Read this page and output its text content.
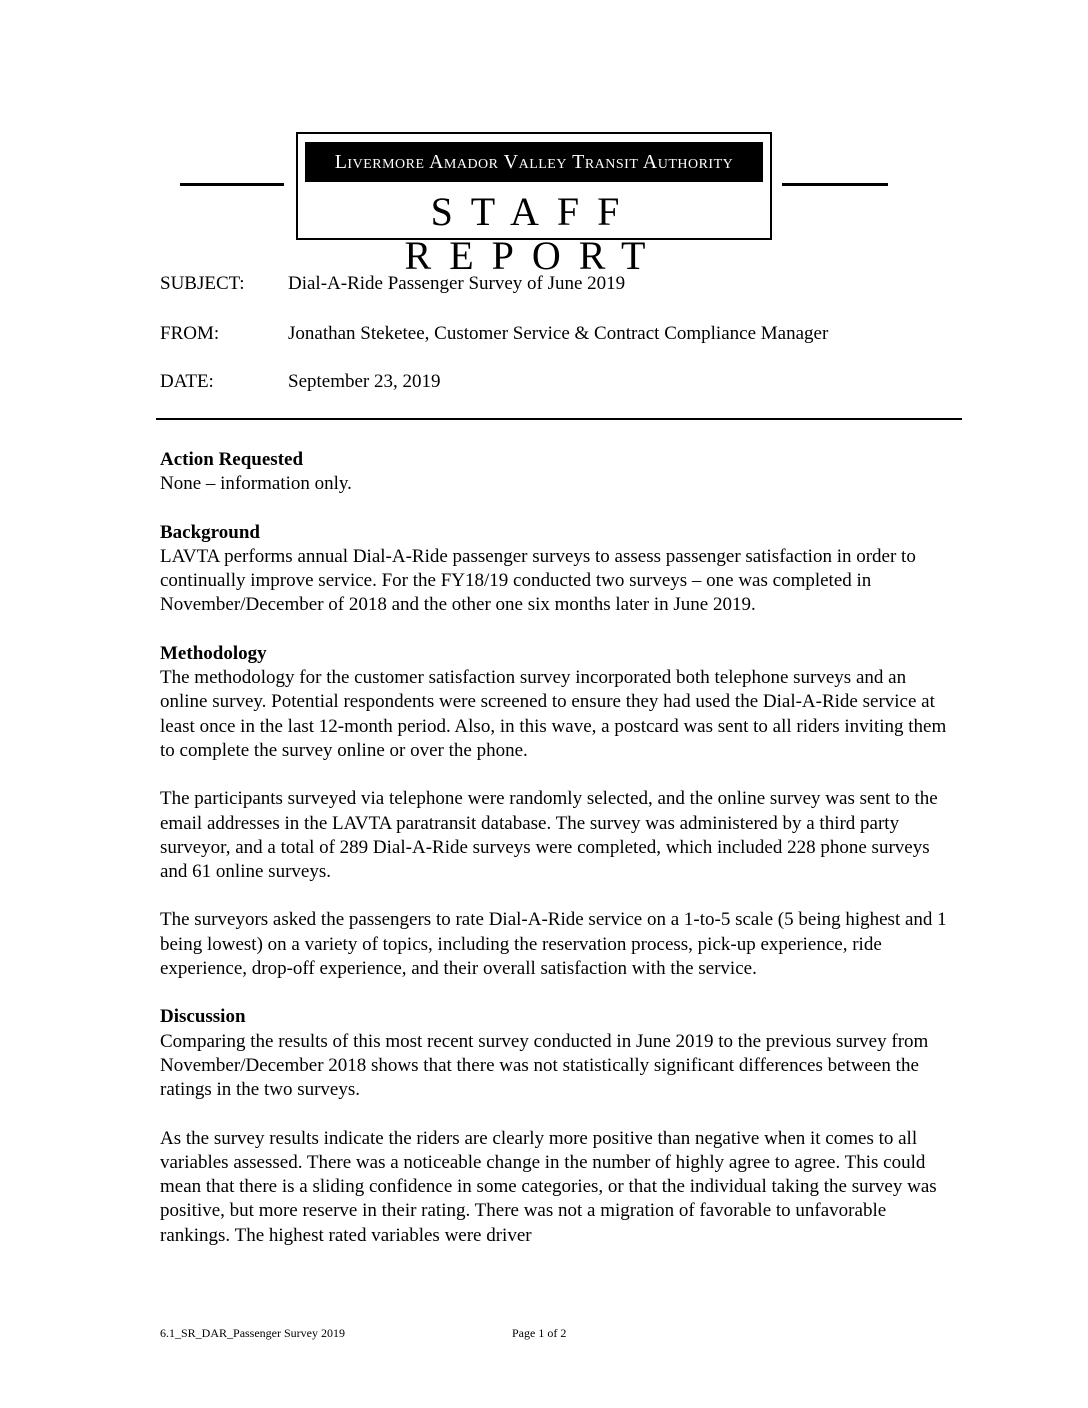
Livermore Amador Valley Transit Authority
STAFF REPORT
SUBJECT:	Dial-A-Ride Passenger Survey of June 2019
FROM:	Jonathan Steketee, Customer Service & Contract Compliance Manager
DATE:	September 23, 2019
Action Requested

None – information only.

Background

LAVTA performs annual Dial-A-Ride passenger surveys to assess passenger satisfaction in order to continually improve service. For the FY18/19 conducted two surveys – one was completed in November/December of 2018 and the other one six months later in June 2019.

Methodology

The methodology for the customer satisfaction survey incorporated both telephone surveys and an online survey. Potential respondents were screened to ensure they had used the Dial-A-Ride service at least once in the last 12-month period. Also, in this wave, a postcard was sent to all riders inviting them to complete the survey online or over the phone.

The participants surveyed via telephone were randomly selected, and the online survey was sent to the email addresses in the LAVTA paratransit database. The survey was administered by a third party surveyor, and a total of 289 Dial-A-Ride surveys were completed, which included 228 phone surveys and 61 online surveys.

The surveyors asked the passengers to rate Dial-A-Ride service on a 1-to-5 scale (5 being highest and 1 being lowest) on a variety of topics, including the reservation process, pick-up experience, ride experience, drop-off experience, and their overall satisfaction with the service.

Discussion

Comparing the results of this most recent survey conducted in June 2019 to the previous survey from November/December 2018 shows that there was not statistically significant differences between the ratings in the two surveys.

As the survey results indicate the riders are clearly more positive than negative when it comes to all variables assessed. There was a noticeable change in the number of highly agree to agree. This could mean that there is a sliding confidence in some categories, or that the individual taking the survey was positive, but more reserve in their rating. There was not a migration of favorable to unfavorable rankings. The highest rated variables were driver

6.1_SR_DAR_Passenger Survey 2019	Page 1 of 2
